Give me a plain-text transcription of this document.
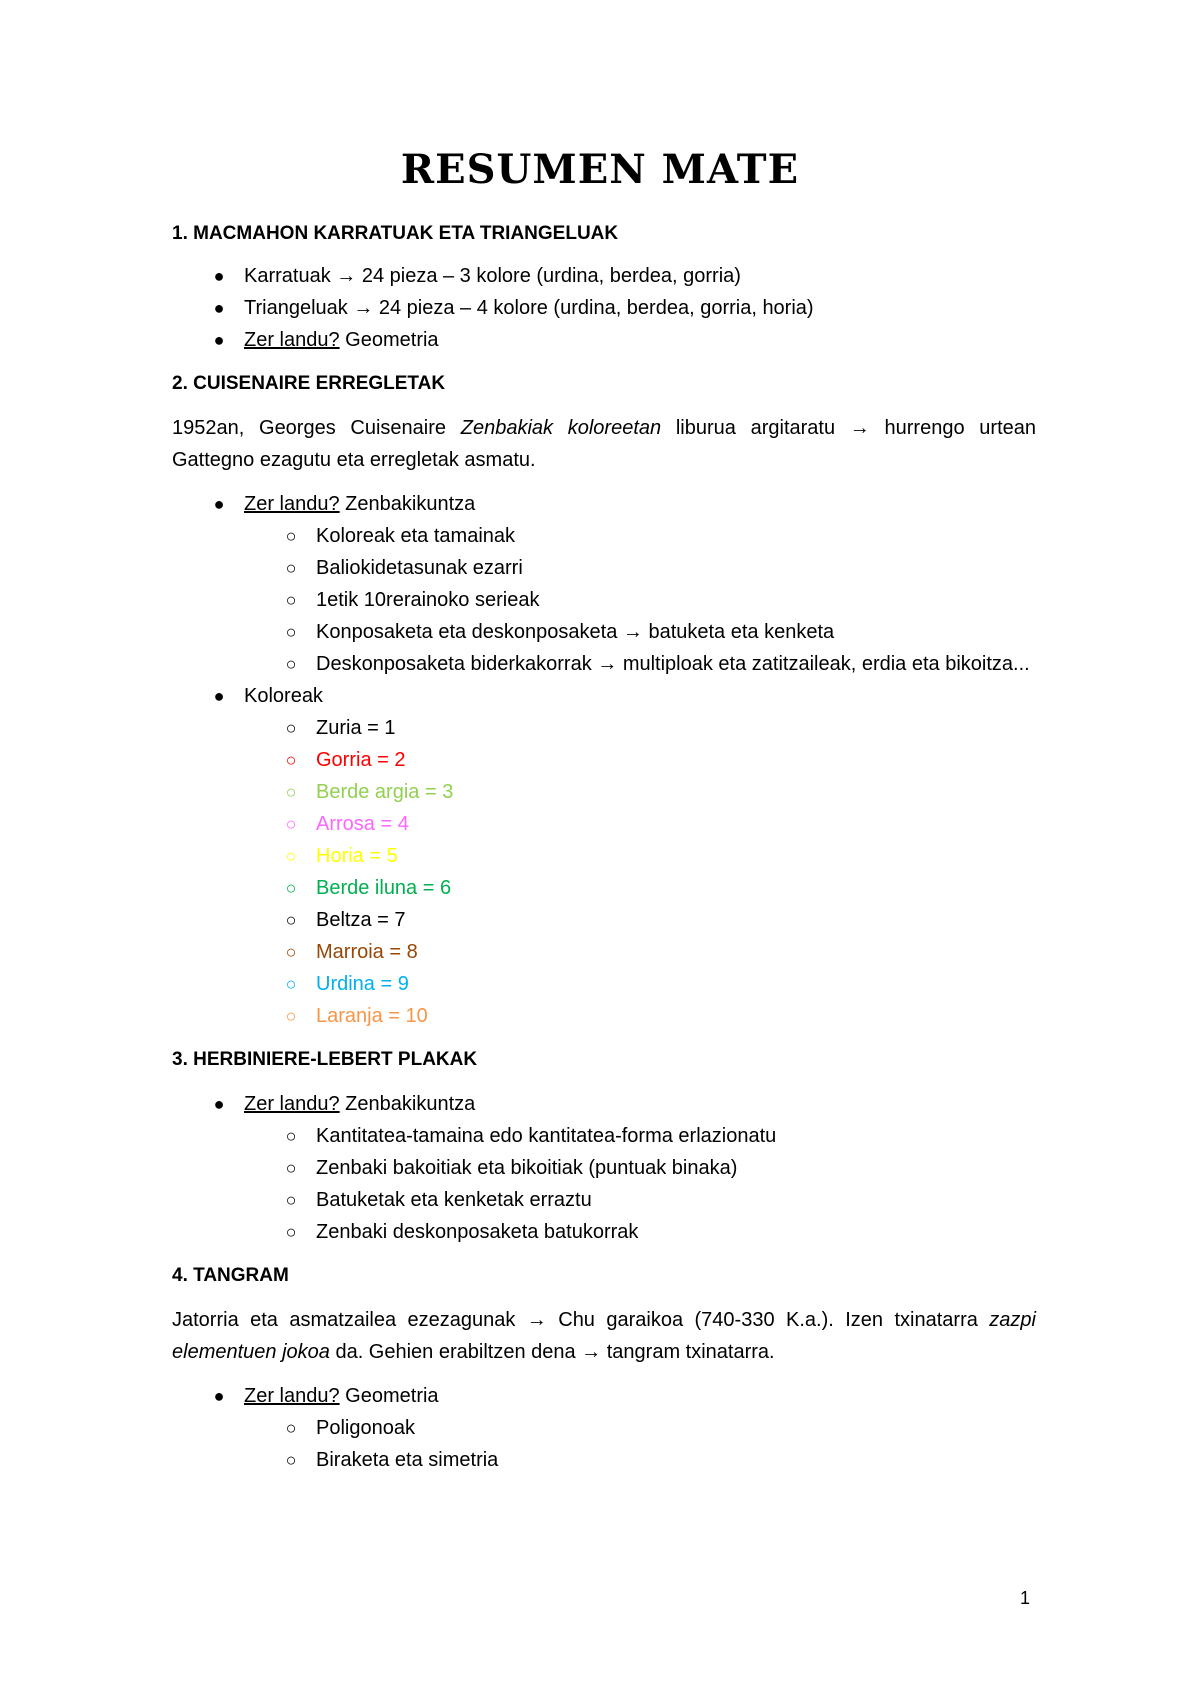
RESUMEN MATE

1. MACMAHON KARRATUAK ETA TRIANGELUAK

● Karratuak → 24 pieza – 3 kolore (urdina, berdea, gorria)
● Triangeluak → 24 pieza – 4 kolore (urdina, berdea, gorria, horia)
● Zer landu? Geometria

2. CUISENAIRE ERREGLETAK

1952an, Georges Cuisenaire Zenbakiak koloreetan liburua argitaratu → hurrengo urtean Gattegno ezagutu eta erregletak asmatu.

● Zer landu? Zenbakikuntza
○ Koloreak eta tamainak
○ Baliokidetasunak ezarri
○ 1etik 10rerainoko serieak
○ Konposaketa eta deskonposaketa → batuketa eta kenketa
○ Deskonposaketa biderkakorrak → multiploak eta zatitzaileak, erdia eta bikoitza...
● Koloreak
○ Zuria = 1
○ Gorria = 2
○ Berde argia = 3
○ Arrosa = 4
○ Horia = 5
○ Berde iluna = 6
○ Beltza = 7
○ Marroia = 8
○ Urdina = 9
○ Laranja = 10

3. HERBINIERE-LEBERT PLAKAK

● Zer landu? Zenbakikuntza
○ Kantitatea-tamaina edo kantitatea-forma erlazionatu
○ Zenbaki bakoitiak eta bikoitiak (puntuak binaka)
○ Batuketak eta kenketak erraztu
○ Zenbaki deskonposaketa batukorrak

4. TANGRAM

Jatorria eta asmatzailea ezezagunak → Chu garaikoa (740-330 K.a.). Izen txinatarra zazpi elementuen jokoa da. Gehien erabiltzen dena → tangram txinatarra.

● Zer landu? Geometria
○ Poligonoak
○ Biraketa eta simetria
1
